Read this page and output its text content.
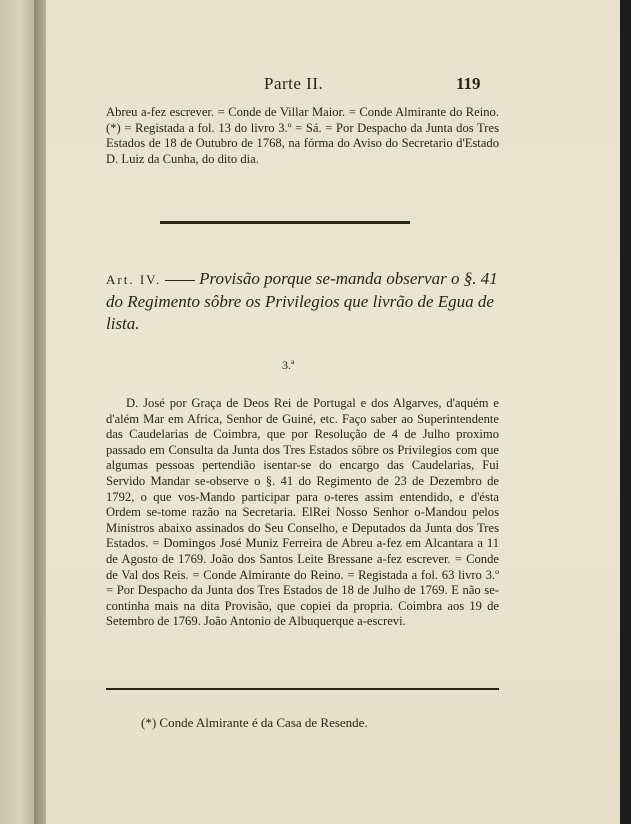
Parte II.	119

Abreu a-fez escrever. = Conde de Villar Maior. = Conde Almirante do Reino. (*) = Registada a fol. 13 do livro 3.º = Sá. = Por Despacho da Junta dos Tres Estados de 18 de Outubro de 1768, na fórma do Aviso do Secretario d'Estado D. Luiz da Cunha, do dito dia.

Art. IV. Provisão porque se-manda observar o §. 41 do Regimento sôbre os Privilegios que livrão de Egua de lista.
3.ª

D. José por Graça de Deos Rei de Portugal e dos Algarves, d'aquém e d'além Mar em Africa, Senhor de Guiné, etc. Faço saber ao Superintendente das Caudelarias de Coimbra, que por Resolução de 4 de Julho proximo passado em Consulta da Junta dos Tres Estados sôbre os Privilegios com que algumas pessoas pertendião isentar-se do encargo das Caudelarias, Fui Servido Mandar se-observe o §. 41 do Regimento de 23 de Dezembro de 1792, o que vos-Mando participar para o-teres assim entendido, e d'ésta Ordem se-tome razão na Secretaria. ElRei Nosso Senhor o-Mandou pelos Ministros abaixo assinados do Seu Conselho, e Deputados da Junta dos Tres Estados. = Domingos José Muniz Ferreira de Abreu a-fez em Alcantara a 11 de Agosto de 1769. João dos Santos Leite Bressane a-fez escrever. = Conde de Val dos Reis. = Conde Almirante do Reino. = Registada a fol. 63 livro 3.º = Por Despacho da Junta dos Tres Estados de 18 de Julho de 1769. E não se-continha mais na dita Provisão, que copiei da propria. Coimbra aos 19 de Setembro de 1769. João Antonio de Albuquerque a-escrevi.

(*) Conde Almirante é da Casa de Resende.
